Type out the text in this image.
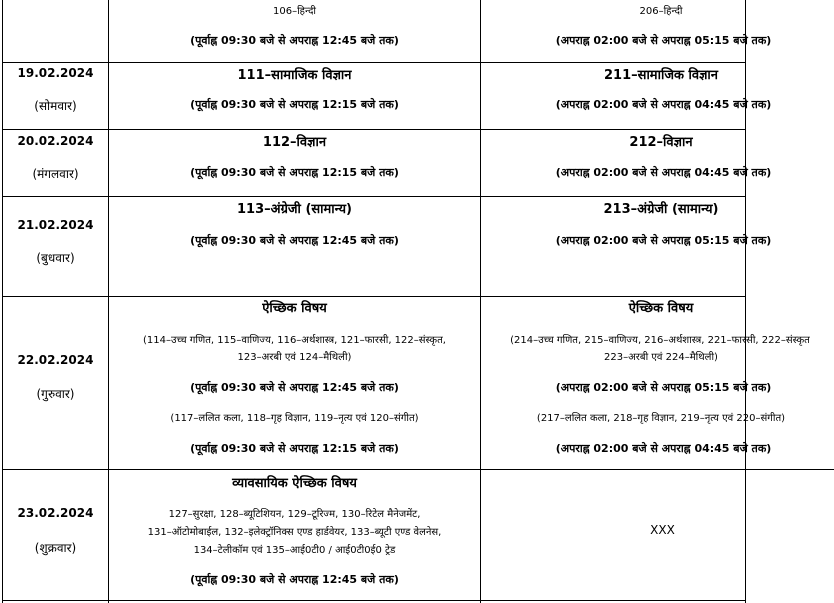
106–हिन्दी
(पूर्वाह्न 09:30 बजे से अपराह्न 12:45 बजे तक)
206–हिन्दी
(अपराह्न 02:00 बजे से अपराह्न 05:15 बजे तक)
19.02.2024
(सोमवार)
111–सामाजिक विज्ञान
(पूर्वाह्न 09:30 बजे से अपराह्न 12:15 बजे तक)
211–सामाजिक विज्ञान
(अपराह्न 02:00 बजे से अपराह्न 04:45 बजे तक)
20.02.2024
(मंगलवार)
112–विज्ञान
(पूर्वाह्न 09:30 बजे से अपराह्न 12:15 बजे तक)
212–विज्ञान
(अपराह्न 02:00 बजे से अपराह्न 04:45 बजे तक)
21.02.2024
(बुधवार)
113–अंग्रेजी (सामान्य)
(पूर्वाह्न 09:30 बजे से अपराह्न 12:45 बजे तक)
213–अंग्रेजी (सामान्य)
(अपराह्न 02:00 बजे से अपराह्न 05:15 बजे तक)
22.02.2024
(गुरुवार)
ऐच्छिक विषय
(114–उच्च गणित, 115–वाणिज्य, 116–अर्थशास्त्र, 121–फारसी, 122–संस्कृत,
123–अरबी एवं 124–मैथिली)
(पूर्वाह्न 09:30 बजे से अपराह्न 12:45 बजे तक)
(117–ललित कला, 118–गृह विज्ञान, 119–नृत्य एवं 120–संगीत)
(पूर्वाह्न 09:30 बजे से अपराह्न 12:15 बजे तक)
ऐच्छिक विषय
(214–उच्च गणित, 215–वाणिज्य, 216–अर्थशास्त्र, 221–फारसी, 222–संस्कृत
223–अरबी एवं 224–मैथिली)
(अपराह्न 02:00 बजे से अपराह्न 05:15 बजे तक)
(217–ललित कला, 218–गृह विज्ञान, 219–नृत्य एवं 220–संगीत)
(अपराह्न 02:00 बजे से अपराह्न 04:45 बजे तक)
23.02.2024
(शुक्रवार)
व्यावसायिक ऐच्छिक विषय
127–सुरक्षा, 128–ब्यूटिशियन, 129–टूरिज्म, 130–रिटेल मैनेजमेंट,
131–ऑटोमोबाईल, 132–इलेक्ट्रॉनिक्स एण्ड हार्डवेयर, 133–ब्यूटी एण्ड वेलनेस,
134–टेलीकॉम एवं 135–आई0टी0 / आई0टी0ई0 ट्रेड
(पूर्वाह्न 09:30 बजे से अपराह्न 12:45 बजे तक)
XXX
